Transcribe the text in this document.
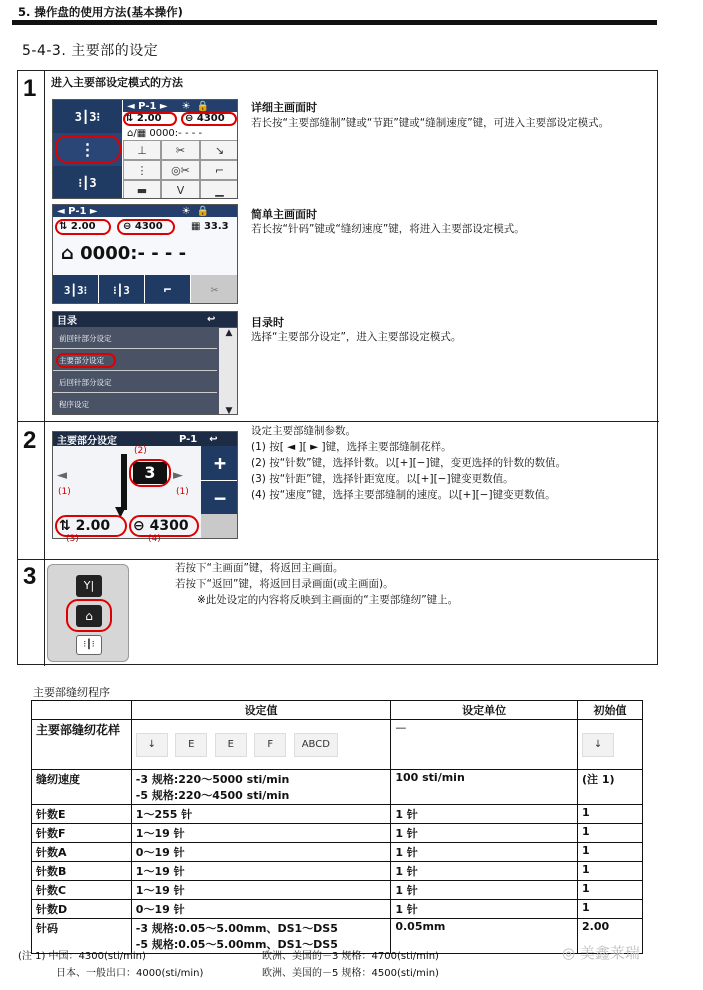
5. 操作盘的使用方法(基本操作)
5-4-3. 主要部的设定
1
2
3
进入主要部设定模式的方法
3┃3⁝
⋮
⁝┃3
◄ P-1 ► ☀ 🔒
⇅ 2.00 ⊖ 4300
⌂/▦ 0000:- - - -
⊥	✂	↘
⋮	◎✂	⌐
▬	V	▁
◄ P-1 ►	☀ 🔒
⇅ 2.00	⊖ 4300	▦ 33.3
⌂ 0000:- - - -
3┃3⁝	⁝┃3	⌐	✂
目录	↩
前回针部分设定
主要部分设定
后回针部分设定
程序设定
▲
▼
详细主画面时
若长按“主要部缝制”键或“节距”键或“缝制速度”键，可进入主要部设定模式。
简单主画面时
若长按“针码”键或“缝纫速度”键，将进入主要部设定模式。
目录时
选择“主要部分设定”，进入主要部设定模式。
主要部分设定	P-1 ↩
◄	►
▼
3	+
−
⇅ 2.00 ⊖ 4300
(2)
(1)	(1)
(3)	(4)
设定主要部缝制参数。
(1) 按[ ◄ ][ ► ]键，选择主要部缝制花样。
(2) 按“针数”键，选择针数。以[+][−]键，变更选择的针数的数值。
(3) 按“针距”键，选择针距宽度。以[+][−]键变更数值。
(4) 按“速度”键，选择主要部缝制的速度。以[+][−]键变更数值。
Y|
⌂
⁝┃⁝
若按下“主画面”键，将返回主画面。
若按下“返回”键，将返回目录画面(或主画面)。
※此处设定的内容将反映到主画面的“主要部缝纫”键上。
主要部缝纫程序
	设定值	设定单位	初始值
主要部缝纫花样	↓ E E F ABCD	—	↓
缝纫速度	-3 规格:220～5000 sti/min
-5 规格:220～4500 sti/min	100 sti/min	(注 1)
针数E	1～255 针	1 针	1
针数F	1～19 针	1 针	1
针数A	0～19 针	1 针	1
针数B	1～19 针	1 针	1
针数C	1～19 针	1 针	1
针数D	0～19 针	1 针	1
针码	-3 规格:0.05～5.00mm、DS1～DS5
-5 规格:0.05～5.00mm、DS1～DS5	0.05mm	2.00
(注 1) 中国：4300(sti/min)	欧洲、美国的－3 规格：4700(sti/min)
日本、一般出口：4000(sti/min)	欧洲、美国的－5 规格：4500(sti/min)
◎ 美鑫莱瑞
